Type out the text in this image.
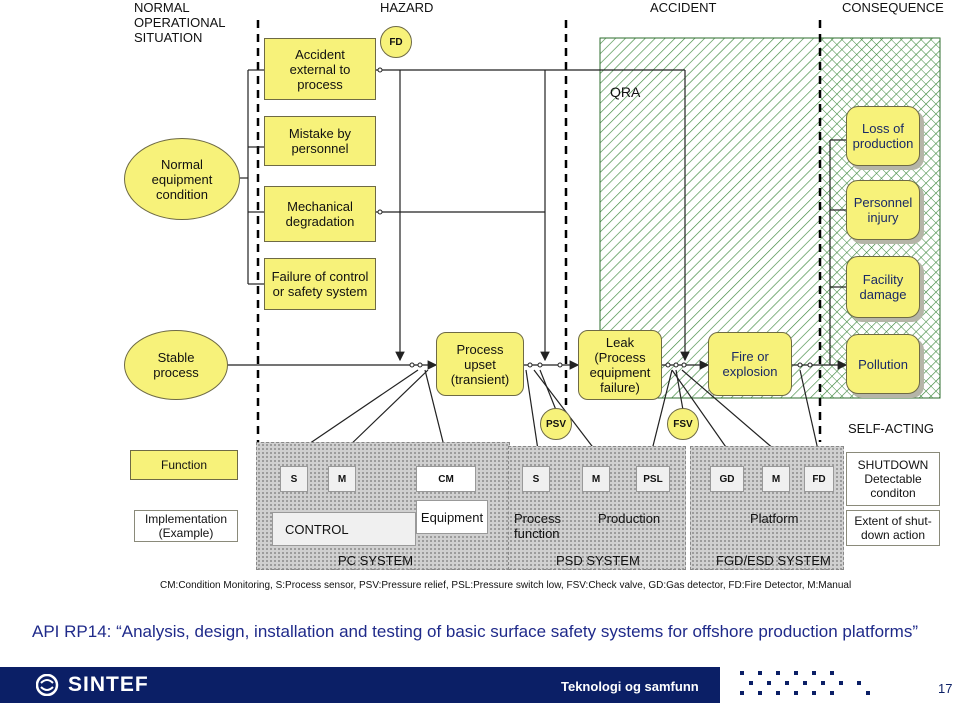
NORMAL
OPERATIONAL
SITUATION
HAZARD	ACCIDENT	CONSEQUENCE
FD
QRA
Normal equipment condition
Accident external to process
Mistake by personnel
Mechanical degradation
Failure of control or safety system
Stable process
Process upset
(transient)
Leak
(Process equipment failure)
Fire or explosion
Loss of production
Personnel injury
Facility damage
Pollution
PSV	FSV	SELF-ACTING
Function
Implementation (Example)
S	M	CM	S	M	PSL	GD	M	FD
SHUTDOWN Detectable conditon
CONTROL
Equipment	Process function
Production	Platform	Extent of shut-down action
PC SYSTEM	PSD SYSTEM	FGD/ESD SYSTEM
CM:Condition Monitoring, S:Process sensor, PSV:Pressure relief, PSL:Pressure switch low, FSV:Check valve, GD:Gas detector, FD:Fire Detector, M:Manual
API RP14: “Analysis, design, installation and testing of basic surface safety systems for offshore production platforms”
SINTEF	Teknologi og samfunn	17
